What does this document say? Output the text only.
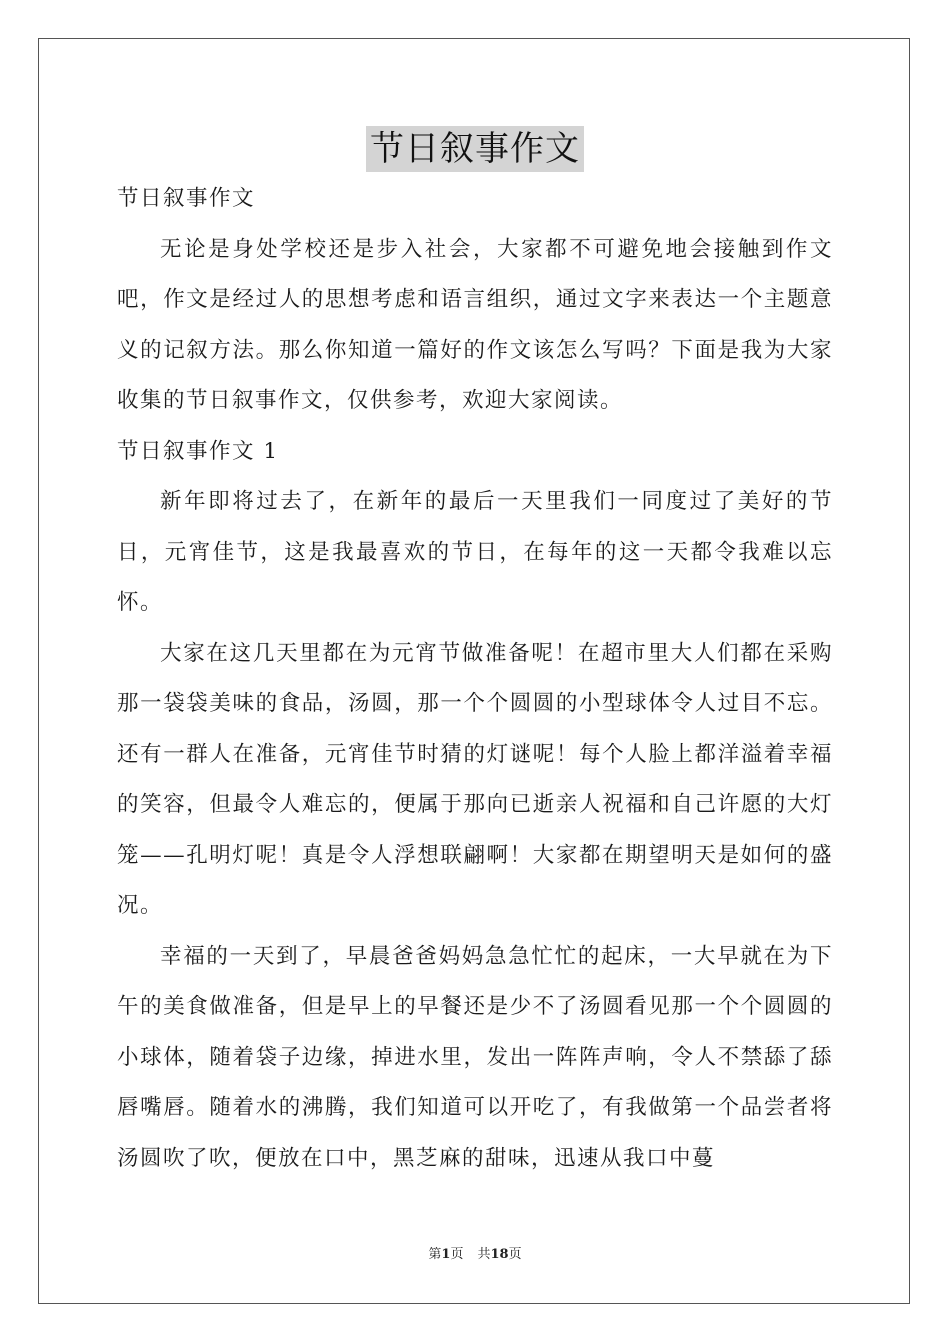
节日叙事作文

节日叙事作文

无论是身处学校还是步入社会，大家都不可避免地会接触到作文吧，作文是经过人的思想考虑和语言组织，通过文字来表达一个主题意义的记叙方法。那么你知道一篇好的作文该怎么写吗？下面是我为大家收集的节日叙事作文，仅供参考，欢迎大家阅读。

节日叙事作文 1

新年即将过去了，在新年的最后一天里我们一同度过了美好的节日，元宵佳节，这是我最喜欢的节日，在每年的这一天都令我难以忘怀。

大家在这几天里都在为元宵节做准备呢！在超市里大人们都在采购那一袋袋美味的食品，汤圆，那一个个圆圆的小型球体令人过目不忘。还有一群人在准备，元宵佳节时猜的灯谜呢！每个人脸上都洋溢着幸福的笑容，但最令人难忘的，便属于那向已逝亲人祝福和自己许愿的大灯笼——孔明灯呢！真是令人浮想联翩啊！大家都在期望明天是如何的盛况。

幸福的一天到了，早晨爸爸妈妈急急忙忙的起床，一大早就在为下午的美食做准备，但是早上的早餐还是少不了汤圆看见那一个个圆圆的小球体，随着袋子边缘，掉进水里，发出一阵阵声响，令人不禁舔了舔唇嘴唇。随着水的沸腾，我们知道可以开吃了，有我做第一个品尝者将汤圆吹了吹，便放在口中，黑芝麻的甜味，迅速从我口中蔓

第1页 共18页
